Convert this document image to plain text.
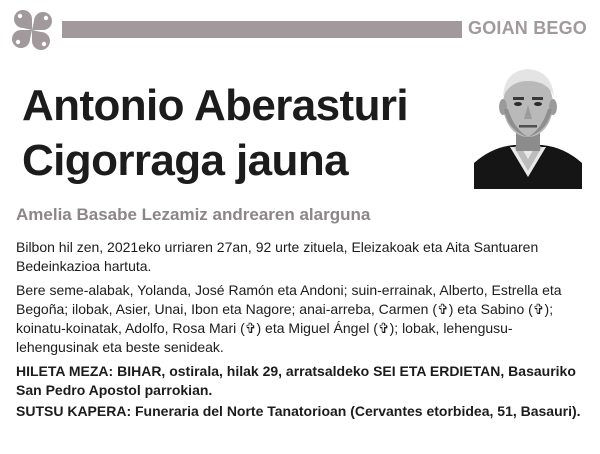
GOIAN BEGO
Antonio Aberasturi
Cigorraga jauna
Amelia Basabe Lezamiz andrearen alarguna

Bilbon hil zen, 2021eko urriaren 27an, 92 urte zituela, Eleizakoak eta Aita Santuaren Bedeinkazioa hartuta.

Bere seme-alabak, Yolanda, José Ramón eta Andoni; suin-errainak, Alberto, Estrella eta Begoña; ilobak, Asier, Unai, Ibon eta Nagore; anai-arreba, Carmen (✞) eta Sabino (✞); koinatu-koinatak, Adolfo, Rosa Mari (✞) eta Miguel Ángel (✞); lobak, lehengusu-lehengusinak eta beste senideak.

HILETA MEZA: BIHAR, ostirala, hilak 29, arratsaldeko SEI ETA ERDIETAN, Basauriko San Pedro Apostol parrokian.

SUTSU KAPERA: Funeraria del Norte Tanatorioan (Cervantes etorbidea, 51, Basauri).
